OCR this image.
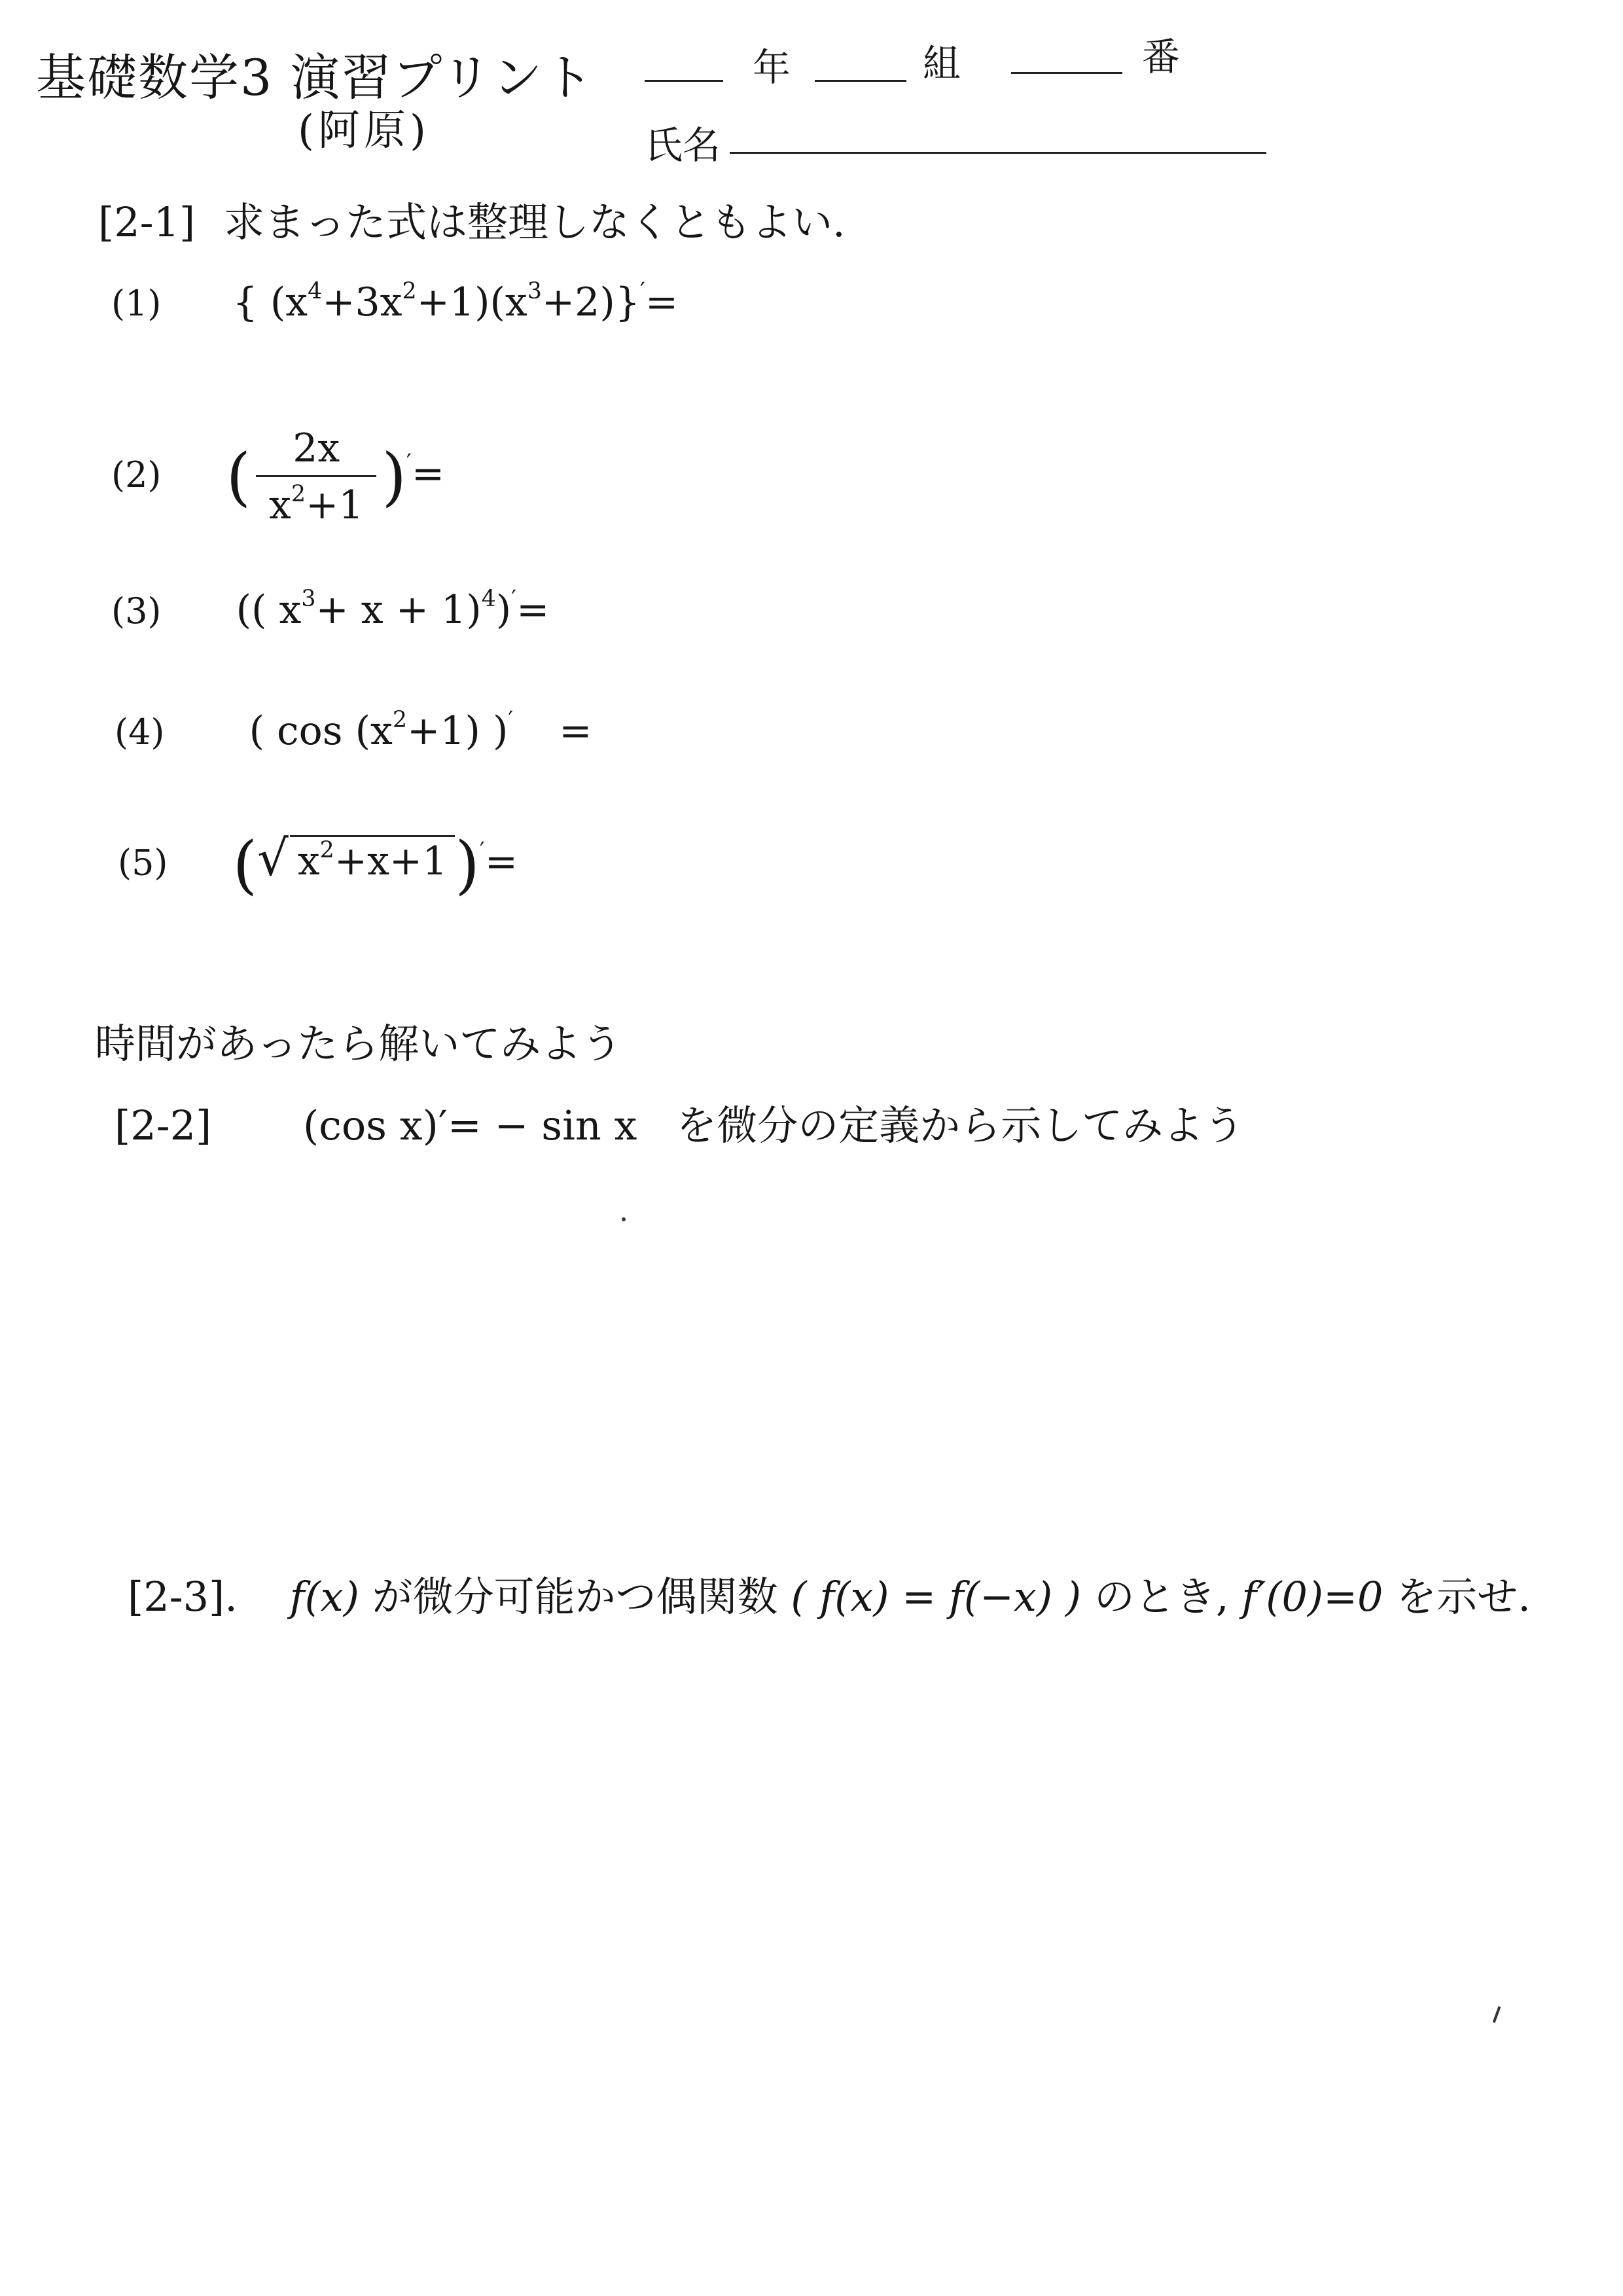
基礎数学3 演習プリント
(阿原)
年	組	番
氏名
[2-1] 求まった式は整理しなくともよい.
(1) { $(x^4+3x^2+1)(x^3+2)\}'=$
(2) ( $\frac{2x}{x^2+1} )'=$
(3) (( $x^3+ x + 1)^4)'=$
(4) ( $\cos (x^2+1) )'$ =
(5) (√ $x^2+x+1$ )′=
時間があったら解いてみよう
[2-2] (cos x)′= − sin x を微分の定義から示してみよう
[2-3]. f(x) が微分可能かつ偶関数 ( f(x) = f(−x) ) のとき, f′(0)=0 を示せ.
